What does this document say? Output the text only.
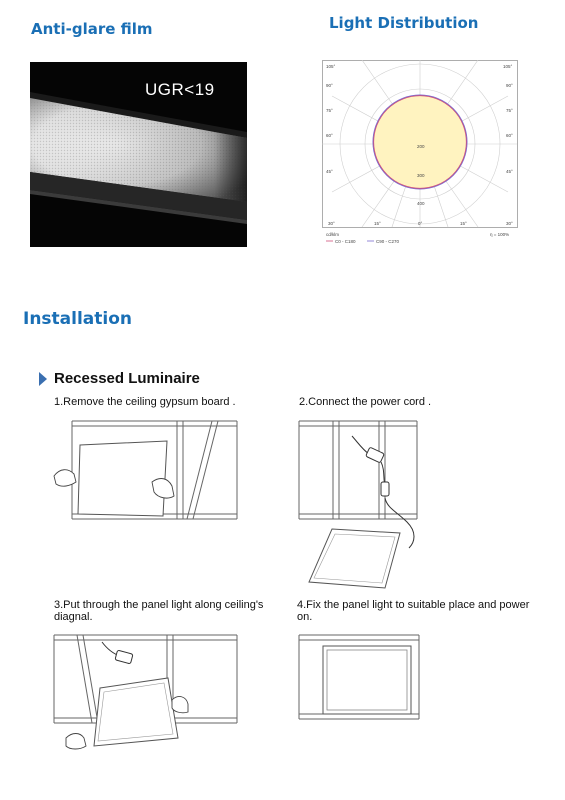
Anti-glare film	Light Distribution
UGR<19
105°	105°
90°
75°
60°
45°
90°
75°
60°
45°
200
300
400
30°	15°	0°	15°	30°
cd/klm	η = 100%
C0 - C180	C90 - C270
Installation
Recessed Luminaire
1.Remove the ceiling gypsum board .	2.Connect the power cord .
3.Put through the panel light along ceiling's diagnal.
4.Fix the panel light to suitable place and power on.
